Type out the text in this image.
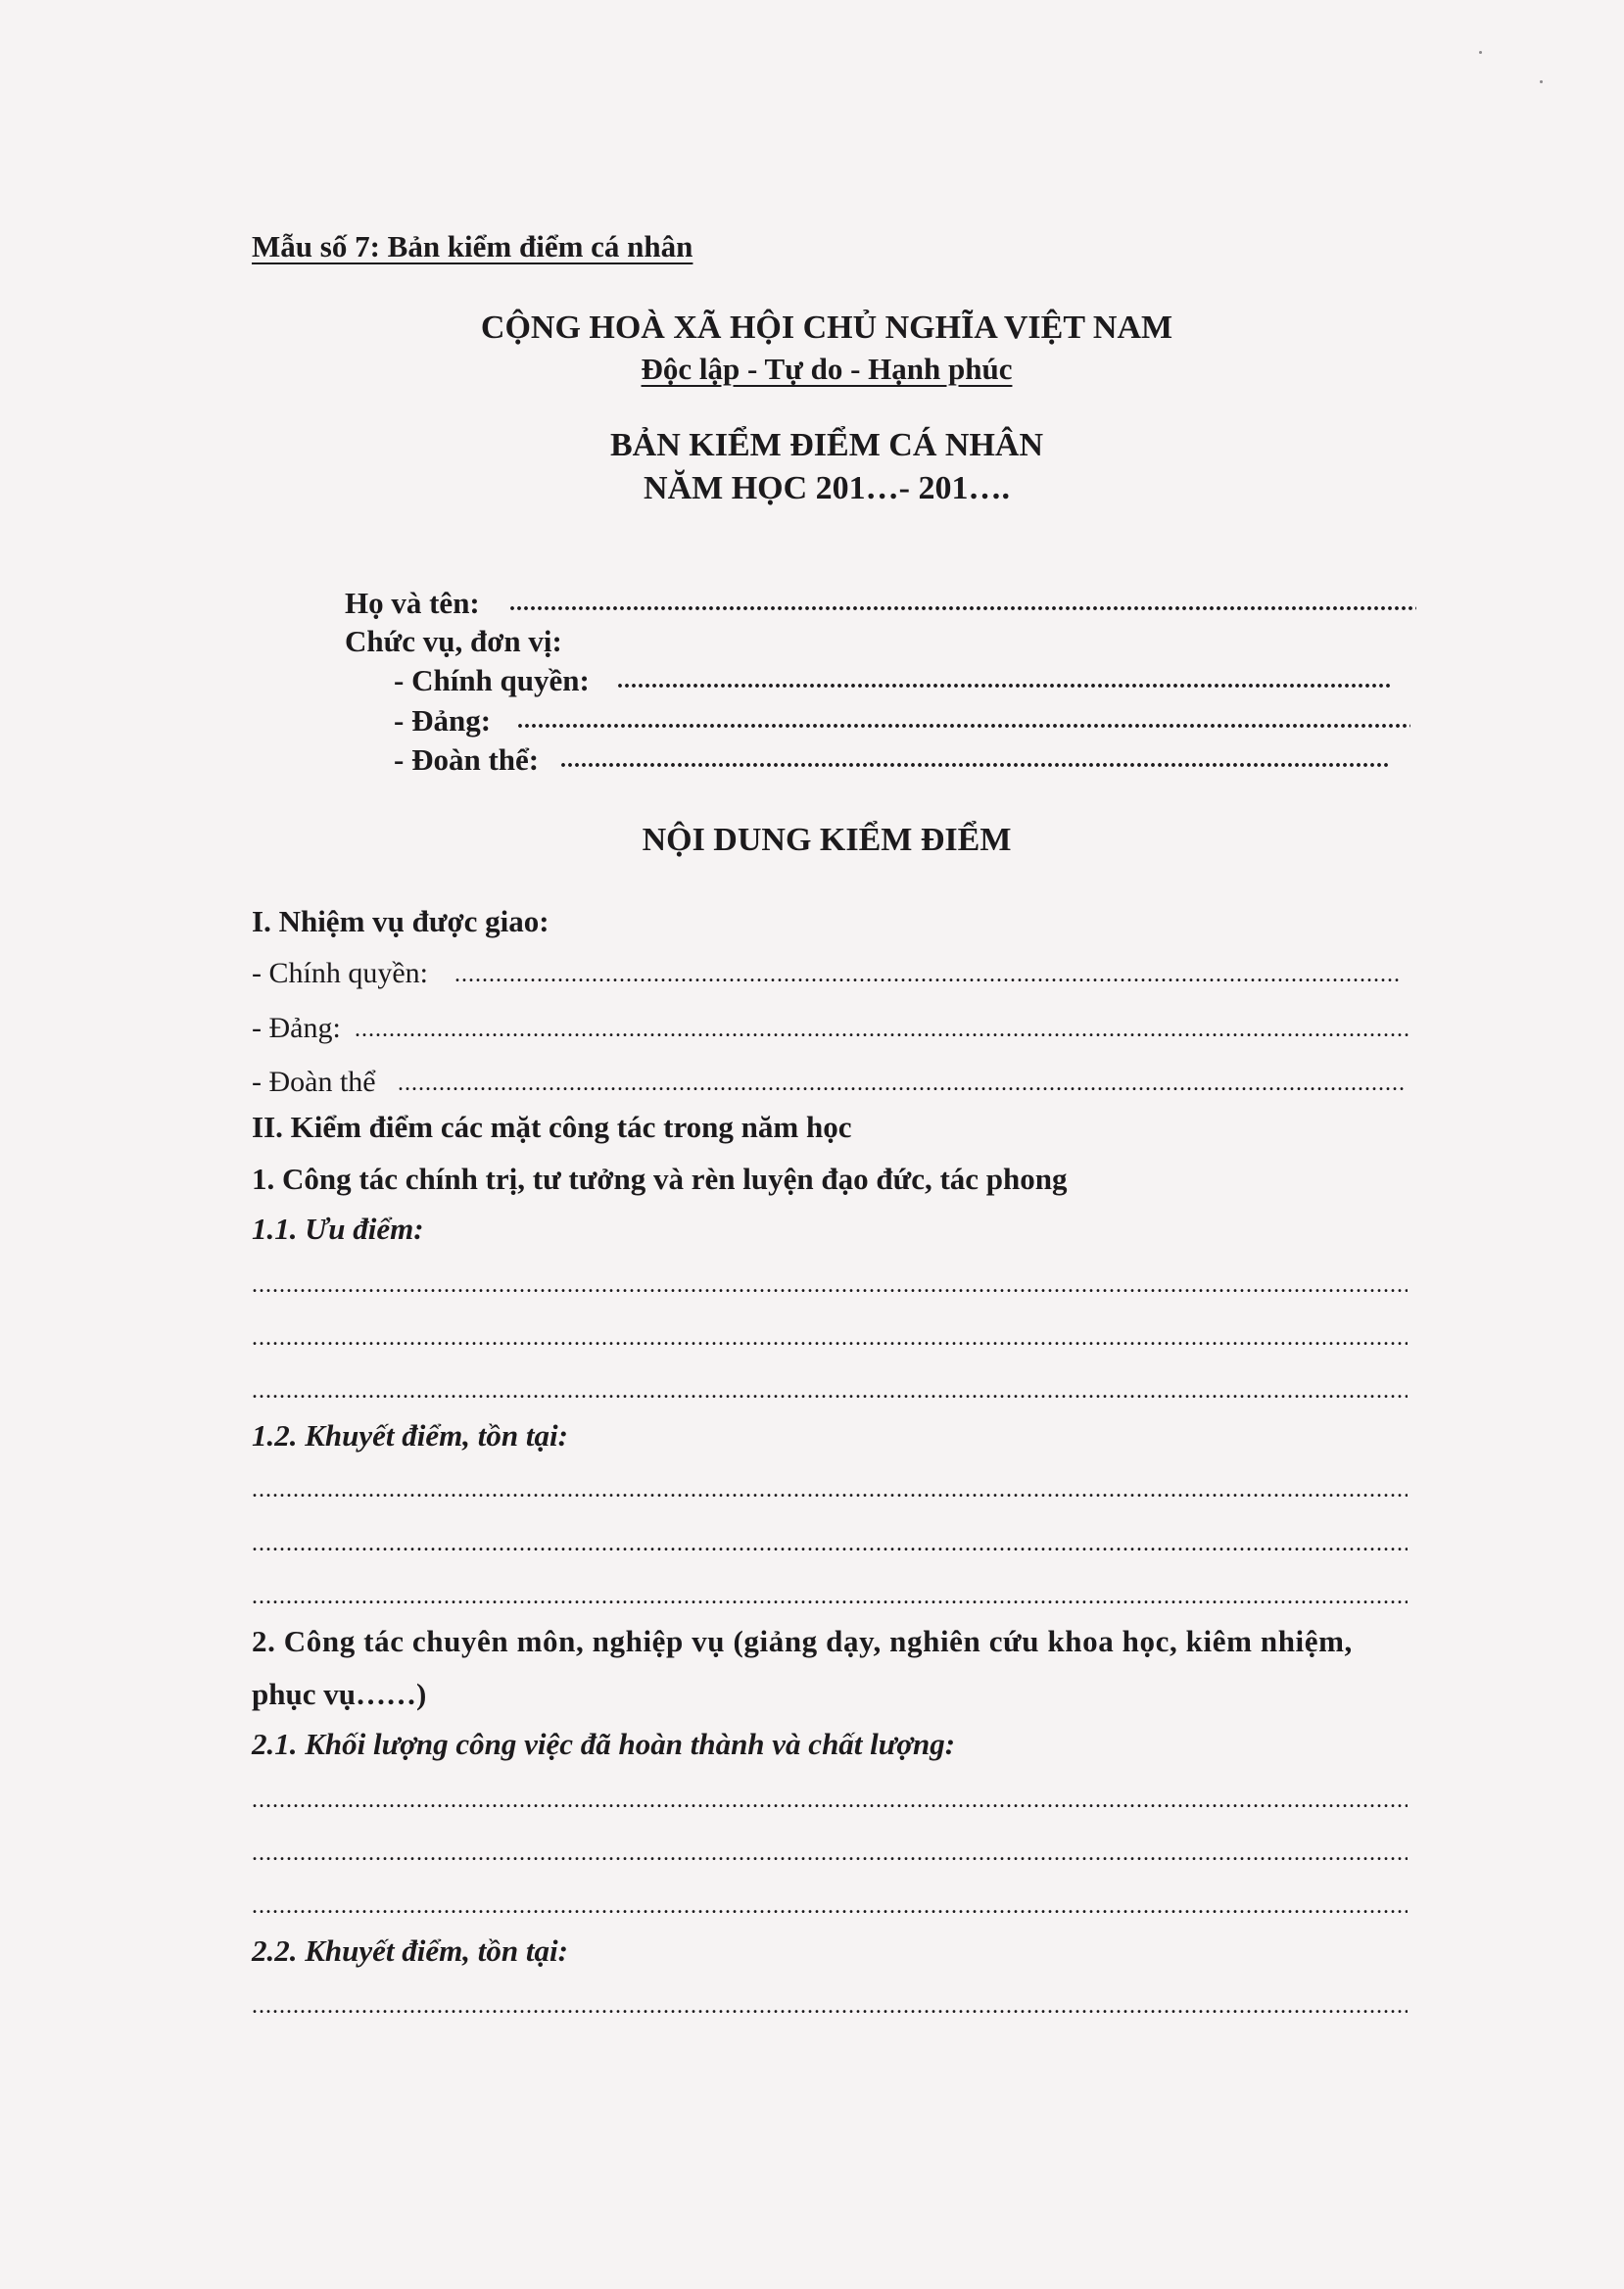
Mẫu số 7: Bản kiểm điểm cá nhân
CỘNG HOÀ XÃ HỘI CHỦ NGHĨA VIỆT NAM
Độc lập - Tự do - Hạnh phúc
BẢN KIỂM ĐIỂM CÁ NHÂN
NĂM HỌC 201…- 201….
Họ và tên:
.....
Chức vụ, đơn vị:
- Chính quyền:
.....
- Đảng:
.....
- Đoàn thể:
.....
NỘI DUNG KIỂM ĐIỂM
I. Nhiệm vụ được giao:
- Chính quyền:
.....
- Đảng:
.....
- Đoàn thể
.....
II. Kiểm điểm các mặt công tác trong năm học
1. Công tác chính trị, tư tưởng và rèn luyện đạo đức, tác phong
1.1. Ưu điểm:
.....
.....
.....
1.2. Khuyết điểm, tồn tại:
.....
.....
.....
2. Công tác chuyên môn, nghiệp vụ (giảng dạy, nghiên cứu khoa học, kiêm nhiệm,
phục vụ……)
2.1. Khối lượng công việc đã hoàn thành và chất lượng:
.....
.....
.....
2.2. Khuyết điểm, tồn tại:
.....
